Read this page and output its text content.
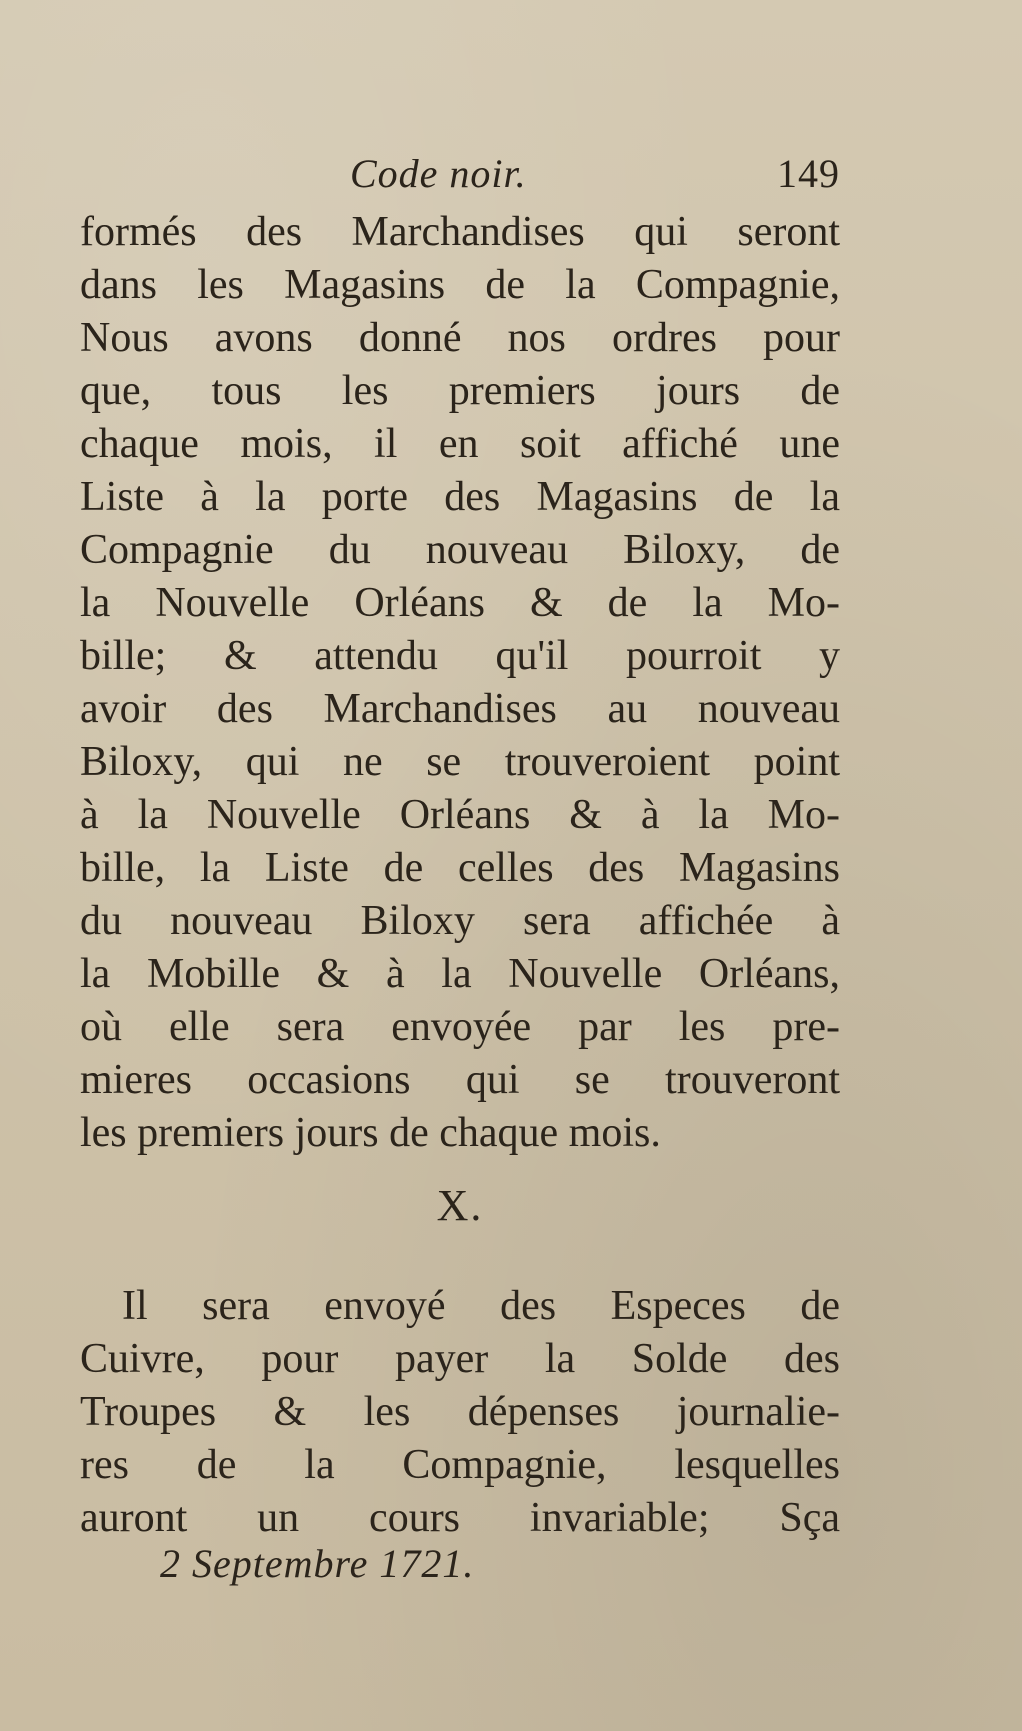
Code noir.	149
formés des Marchandises qui seront
dans les Magasins de la Compagnie,
Nous avons donné nos ordres pour
que, tous les premiers jours de
chaque mois, il en soit affiché une
Liste à la porte des Magasins de la
Compagnie du nouveau Biloxy, de
la Nouvelle Orléans & de la Mo-
bille; & attendu qu'il pourroit y
avoir des Marchandises au nouveau
Biloxy, qui ne se trouveroient point
à la Nouvelle Orléans & à la Mo-
bille, la Liste de celles des Magasins
du nouveau Biloxy sera affichée à
la Mobille & à la Nouvelle Orléans,
où elle sera envoyée par les pre-
mieres occasions qui se trouveront
les premiers jours de chaque mois.
X.
Il sera envoyé des Especes de
Cuivre, pour payer la Solde des
Troupes & les dépenses journalie-
res de la Compagnie, lesquelles
auront un cours invariable; Sça
2 Septembre 1721.
